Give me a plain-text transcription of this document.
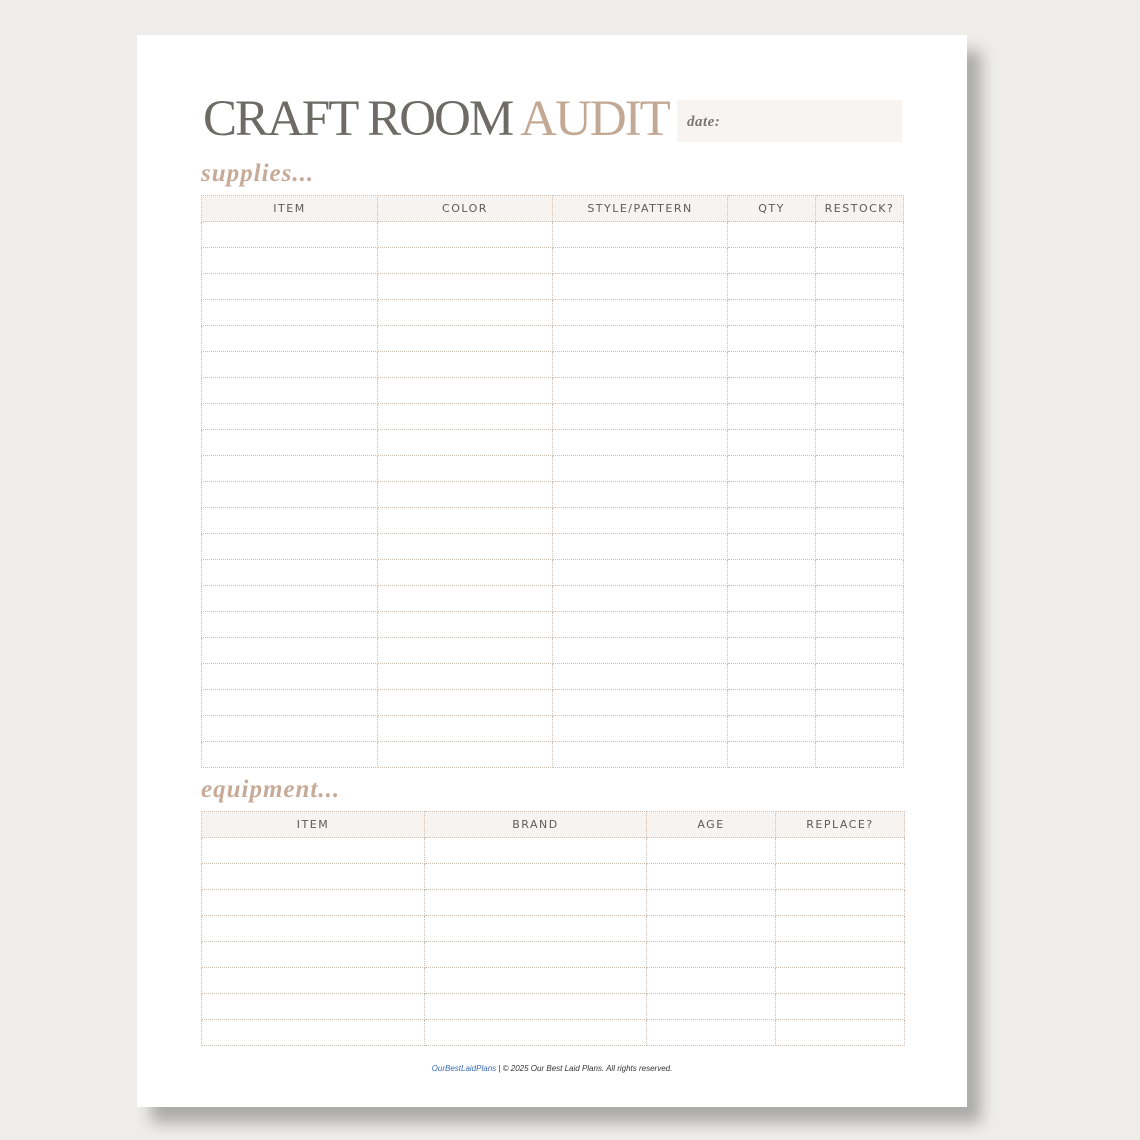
CRAFT ROOM AUDIT date:
supplies...
ITEM	COLOR	STYLE/PATTERN	QTY	RESTOCK?

equipment...
ITEM	BRAND	AGE	REPLACE?

OurBestLaidPlans | © 2025 Our Best Laid Plans. All rights reserved.
